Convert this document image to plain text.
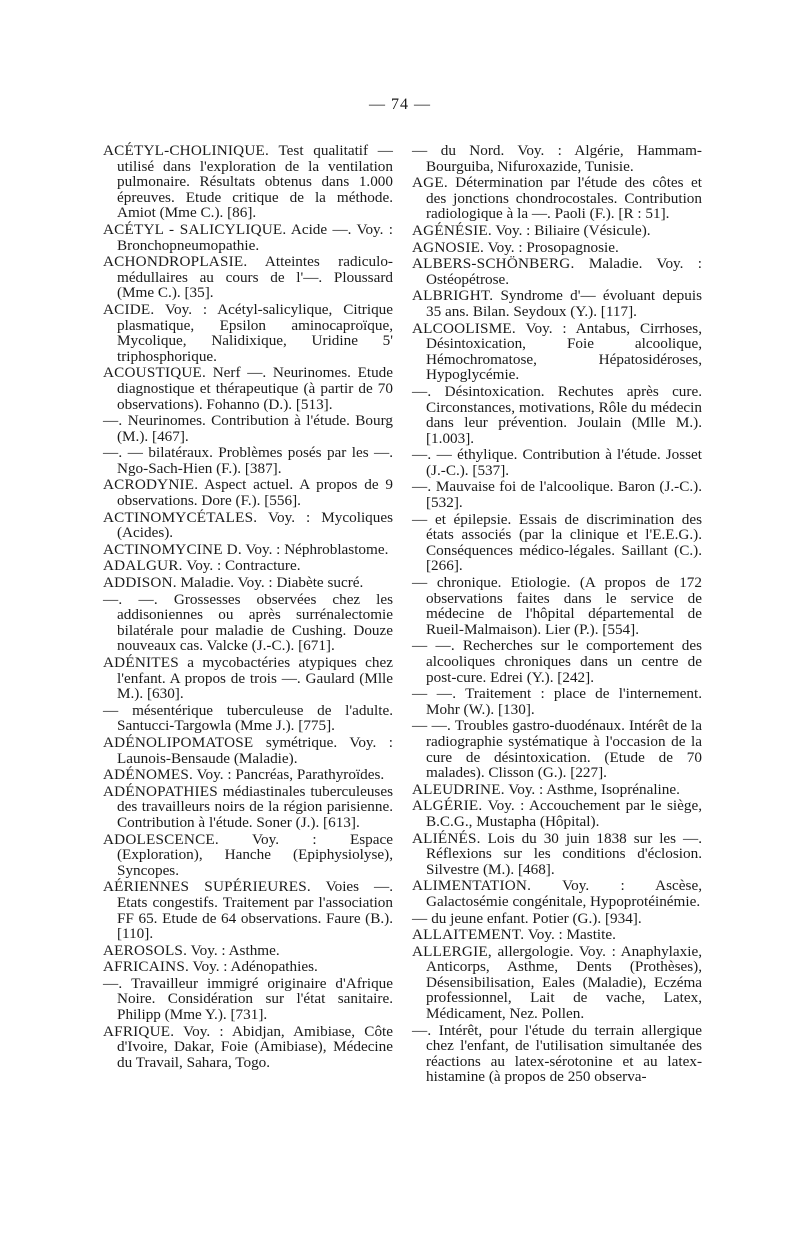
— 74 —
ACÉTYL-CHOLINIQUE. Test qualitatif — utilisé dans l'exploration de la ventilation pulmonaire. Résultats obtenus dans 1.000 épreuves. Etude critique de la méthode. Amiot (Mme C.). [86].
ACÉTYL - SALICYLIQUE. Acide —. Voy. : Bronchopneumopathie.
ACHONDROPLASIE. Atteintes radiculo-médullaires au cours de l'—. Ploussard (Mme C.). [35].
ACIDE. Voy. : Acétyl-salicylique, Citrique plasmatique, Epsilon aminocaproïque, Mycolique, Nalidixique, Uridine 5' triphosphorique.
ACOUSTIQUE. Nerf —. Neurinomes. Etude diagnostique et thérapeutique (à partir de 70 observations). Fohanno (D.). [513].
—. Neurinomes. Contribution à l'étude. Bourg (M.). [467].
—. — bilatéraux. Problèmes posés par les —. Ngo-Sach-Hien (F.). [387].
ACRODYNIE. Aspect actuel. A propos de 9 observations. Dore (F.). [556].
ACTINOMYCÉTALES. Voy. : Mycoliques (Acides).
ACTINOMYCINE D. Voy. : Néphroblastome.
ADALGUR. Voy. : Contracture.
ADDISON. Maladie. Voy. : Diabète sucré.
—. —. Grossesses observées chez les addisoniennes ou après surrénalectomie bilatérale pour maladie de Cushing. Douze nouveaux cas. Valcke (J.-C.). [671].
ADÉNITES a mycobactéries atypiques chez l'enfant. A propos de trois —. Gaulard (Mlle M.). [630].
— mésentérique tuberculeuse de l'adulte. Santucci-Targowla (Mme J.). [775].
ADÉNOLIPOMATOSE symétrique. Voy. : Launois-Bensaude (Maladie).
ADÉNOMES. Voy. : Pancréas, Parathyroïdes.
ADÉNOPATHIES médiastinales tuberculeuses des travailleurs noirs de la région parisienne. Contribution à l'étude. Soner (J.). [613].
ADOLESCENCE. Voy. : Espace (Exploration), Hanche (Epiphysiolyse), Syncopes.
AÉRIENNES SUPÉRIEURES. Voies —. Etats congestifs. Traitement par l'association FF 65. Etude de 64 observations. Faure (B.). [110].
AEROSOLS. Voy. : Asthme.
AFRICAINS. Voy. : Adénopathies.
—. Travailleur immigré originaire d'Afrique Noire. Considération sur l'état sanitaire. Philipp (Mme Y.). [731].
AFRIQUE. Voy. : Abidjan, Amibiase, Côte d'Ivoire, Dakar, Foie (Amibiase), Médecine du Travail, Sahara, Togo.
— du Nord. Voy. : Algérie, Hammam-Bourguiba, Nifuroxazide, Tunisie.
AGE. Détermination par l'étude des côtes et des jonctions chondrocostales. Contribution radiologique à la —. Paoli (F.). [R : 51].
AGÉNÉSIE. Voy. : Biliaire (Vésicule).
AGNOSIE. Voy. : Prosopagnosie.
ALBERS-SCHÖNBERG. Maladie. Voy. : Ostéopétrose.
ALBRIGHT. Syndrome d'— évoluant depuis 35 ans. Bilan. Seydoux (Y.). [117].
ALCOOLISME. Voy. : Antabus, Cirrhoses, Désintoxication, Foie alcoolique, Hémochromatose, Hépatosidéroses, Hypoglycémie.
—. Désintoxication. Rechutes après cure. Circonstances, motivations, Rôle du médecin dans leur prévention. Joulain (Mlle M.). [1.003].
—. — éthylique. Contribution à l'étude. Josset (J.-C.). [537].
—. Mauvaise foi de l'alcoolique. Baron (J.-C.). [532].
— et épilepsie. Essais de discrimination des états associés (par la clinique et l'E.E.G.). Conséquences médico-légales. Saillant (C.). [266].
— chronique. Etiologie. (A propos de 172 observations faites dans le service de médecine de l'hôpital départemental de Rueil-Malmaison). Lier (P.). [554].
— —. Recherches sur le comportement des alcooliques chroniques dans un centre de post-cure. Edrei (Y.). [242].
— —. Traitement : place de l'internement. Mohr (W.). [130].
— —. Troubles gastro-duodénaux. Intérêt de la radiographie systématique à l'occasion de la cure de désintoxication. (Etude de 70 malades). Clisson (G.). [227].
ALEUDRINE. Voy. : Asthme, Isoprénaline.
ALGÉRIE. Voy. : Accouchement par le siège, B.C.G., Mustapha (Hôpital).
ALIÉNÉS. Lois du 30 juin 1838 sur les —. Réflexions sur les conditions d'éclosion. Silvestre (M.). [468].
ALIMENTATION. Voy. : Ascèse, Galactosémie congénitale, Hypoprotéinémie.
— du jeune enfant. Potier (G.). [934].
ALLAITEMENT. Voy. : Mastite.
ALLERGIE, allergologie. Voy. : Anaphylaxie, Anticorps, Asthme, Dents (Prothèses), Désensibilisation, Eales (Maladie), Eczéma professionnel, Lait de vache, Latex, Médicament, Nez. Pollen.
—. Intérêt, pour l'étude du terrain allergique chez l'enfant, de l'utilisation simultanée des réactions au latex-sérotonine et au latex-histamine (à propos de 250 observa-
